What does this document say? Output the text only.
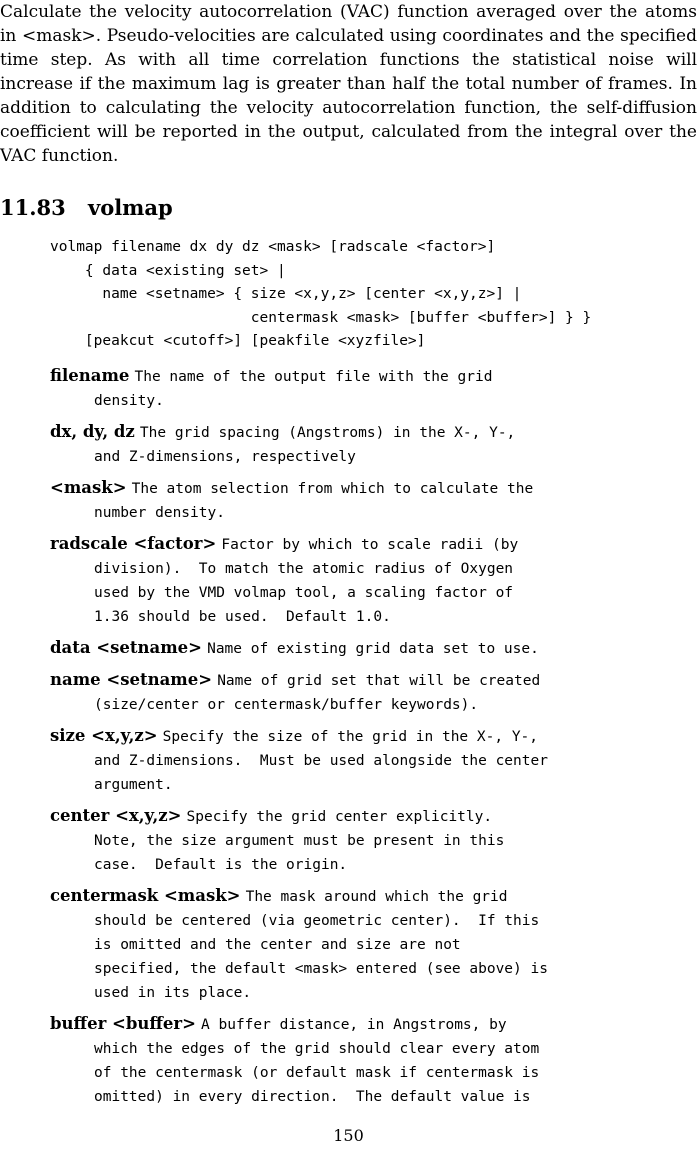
Calculate the velocity autocorrelation (VAC) function averaged over the atoms in <mask>. Pseudo-velocities are calculated using coordinates and the specified time step. As with all time correlation functions the statistical noise will increase if the maximum lag is greater than half the total number of frames. In addition to calculating the velocity autocorrelation function, the self-diffusion coefficient will be reported in the output, calculated from the integral over the VAC function.

11.83 volmap
volmap filename dx dy dz <mask> [radscale <factor>]
{ data <existing set> |
name <setname> { size <x,y,z> [center <x,y,z>] |
centermask <mask> [buffer <buffer>] } }
[peakcut <cutoff>] [peakfile <xyzfile>]
filename The name of the output file with the grid
density.
dx, dy, dz The grid spacing (Angstroms) in the X-, Y-,
and Z-dimensions, respectively
<mask> The atom selection from which to calculate the
number density.
radscale <factor> Factor by which to scale radii (by
division).  To match the atomic radius of Oxygen
used by the VMD volmap tool, a scaling factor of
1.36 should be used.  Default 1.0.
data <setname> Name of existing grid data set to use.
name <setname> Name of grid set that will be created
(size/center or centermask/buffer keywords).
size <x,y,z> Specify the size of the grid in the X-, Y-,
and Z-dimensions.  Must be used alongside the center
argument.
center <x,y,z> Specify the grid center explicitly.
Note, the size argument must be present in this
case.  Default is the origin.
centermask <mask> The mask around which the grid
should be centered (via geometric center).  If this
is omitted and the center and size are not
specified, the default <mask> entered (see above) is
used in its place.
buffer <buffer> A buffer distance, in Angstroms, by
which the edges of the grid should clear every atom
of the centermask (or default mask if centermask is
omitted) in every direction.  The default value is
150
